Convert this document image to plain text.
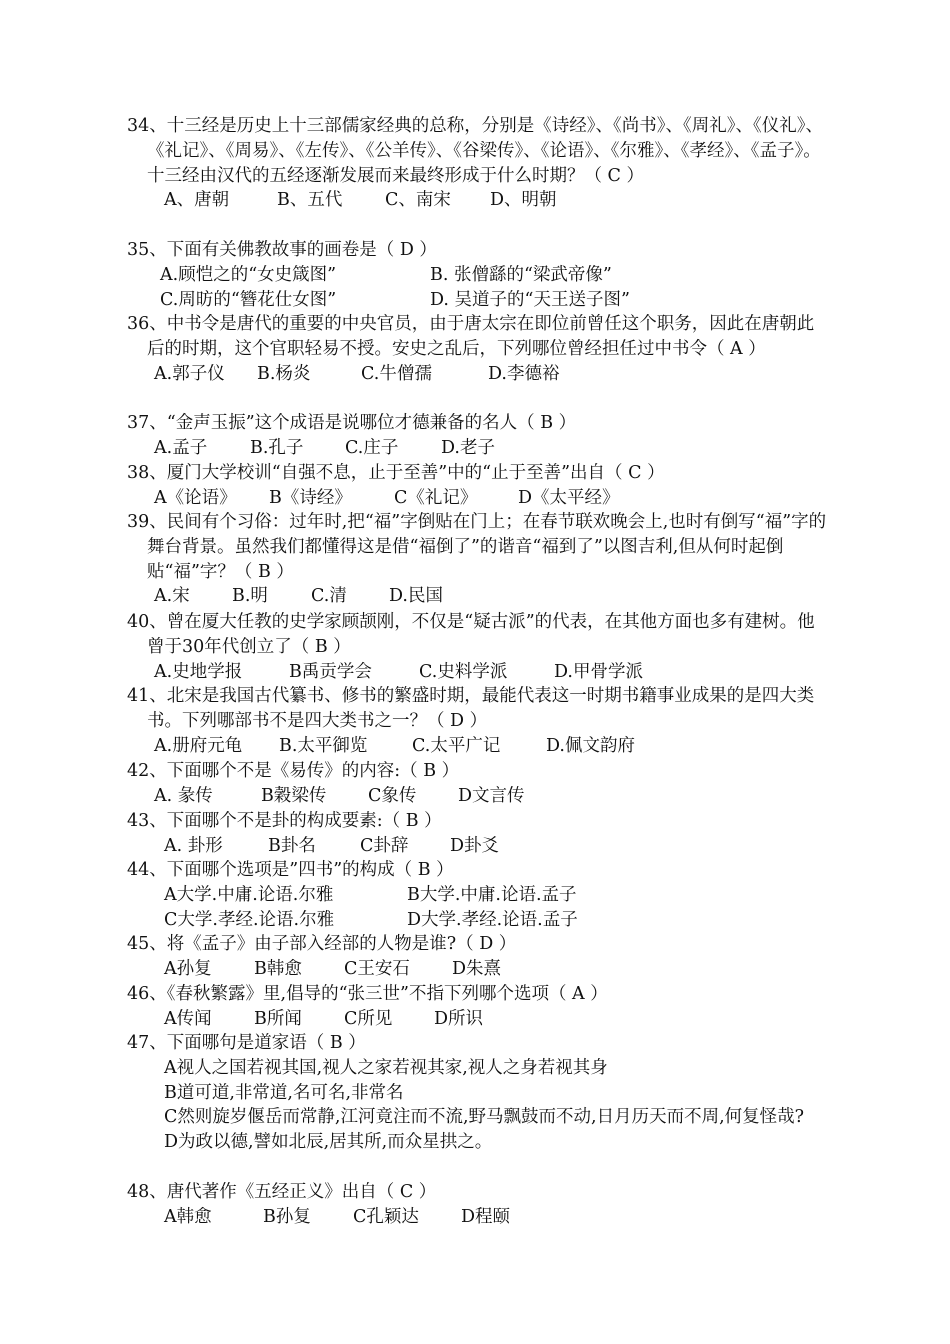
34、十三经是历史上十三部儒家经典的总称，分别是《诗经》、《尚书》、《周礼》、《仪礼》、《礼记》、《周易》、《左传》、《公羊传》、《谷梁传》、《论语》、《尔雅》、《孝经》、《孟子》。十三经由汉代的五经逐渐发展而来最终形成于什么时期？（ C ）
A、唐朝	B、五代 C、南宋 D、明朝
35、下面有关佛教故事的画卷是（ D ）
A.顾恺之的“女史箴图”	B. 张僧繇的“梁武帝像”
C.周昉的“簪花仕女图”	D. 吴道子的“天王送子图”
36、中书令是唐代的重要的中央官员，由于唐太宗在即位前曾任这个职务，因此在唐朝此后的时期，这个官职轻易不授。安史之乱后，下列哪位曾经担任过中书令（ A ）
A.郭子仪 B.杨炎	C.牛僧孺	D.李德裕
37、“金声玉振”这个成语是说哪位才德兼备的名人（ B ）
A.孟子 B.孔子 C.庄子 D.老子
38、厦门大学校训“自强不息，止于至善”中的“止于至善”出自（ C ）
A《论语》 B《诗经》 C《礼记》 D《太平经》
39、民间有个习俗：过年时,把“福”字倒贴在门上；在春节联欢晚会上,也时有倒写“福”字的舞台背景。虽然我们都懂得这是借“福倒了”的谐音“福到了”以图吉利,但从何时起倒贴“福”字？（ B ）
A.宋 B.明 C.清 D.民国
40、曾在厦大任教的史学家顾颉刚，不仅是“疑古派”的代表，在其他方面也多有建树。他曾于30年代创立了（ B ）
A.史地学报	B禹贡学会	C.史料学派	D.甲骨学派
41、北宋是我国古代纂书、修书的繁盛时期，最能代表这一时期书籍事业成果的是四大类书。下列哪部书不是四大类书之一？（ D ）
A.册府元龟 B.太平御览	C.太平广记	D.佩文韵府
42、下面哪个不是《易传》的内容:（ B ）
A. 彖传	B穀梁传 C象传 D文言传
43、下面哪个不是卦的构成要素:（ B ）
A. 卦形	B卦名	C卦辞 D卦爻
44、下面哪个选项是”四书”的构成（ B ）
A大学.中庸.论语.尔雅	B大学.中庸.论语.孟子
C大学.孝经.论语.尔雅	D大学.孝经.论语.孟子
45、将《孟子》由子部入经部的人物是谁?（ D ）
A孙复 B韩愈 C王安石 D朱熹
46、《春秋繁露》里,倡导的“张三世”不指下列哪个选项（ A ）
A传闻 B所闻 C所见 D所识
47、下面哪句是道家语（ B ）
A视人之国若视其国,视人之家若视其家,视人之身若视其身
B道可道,非常道,名可名,非常名
C然则旋岁偃岳而常静,江河竟注而不流,野马飘鼓而不动,日月历天而不周,何复怪哉?
D为政以德,譬如北辰,居其所,而众星拱之。
48、唐代著作《五经正义》出自（ C ）
A韩愈	B孙复 C孔颖达 D程颐
